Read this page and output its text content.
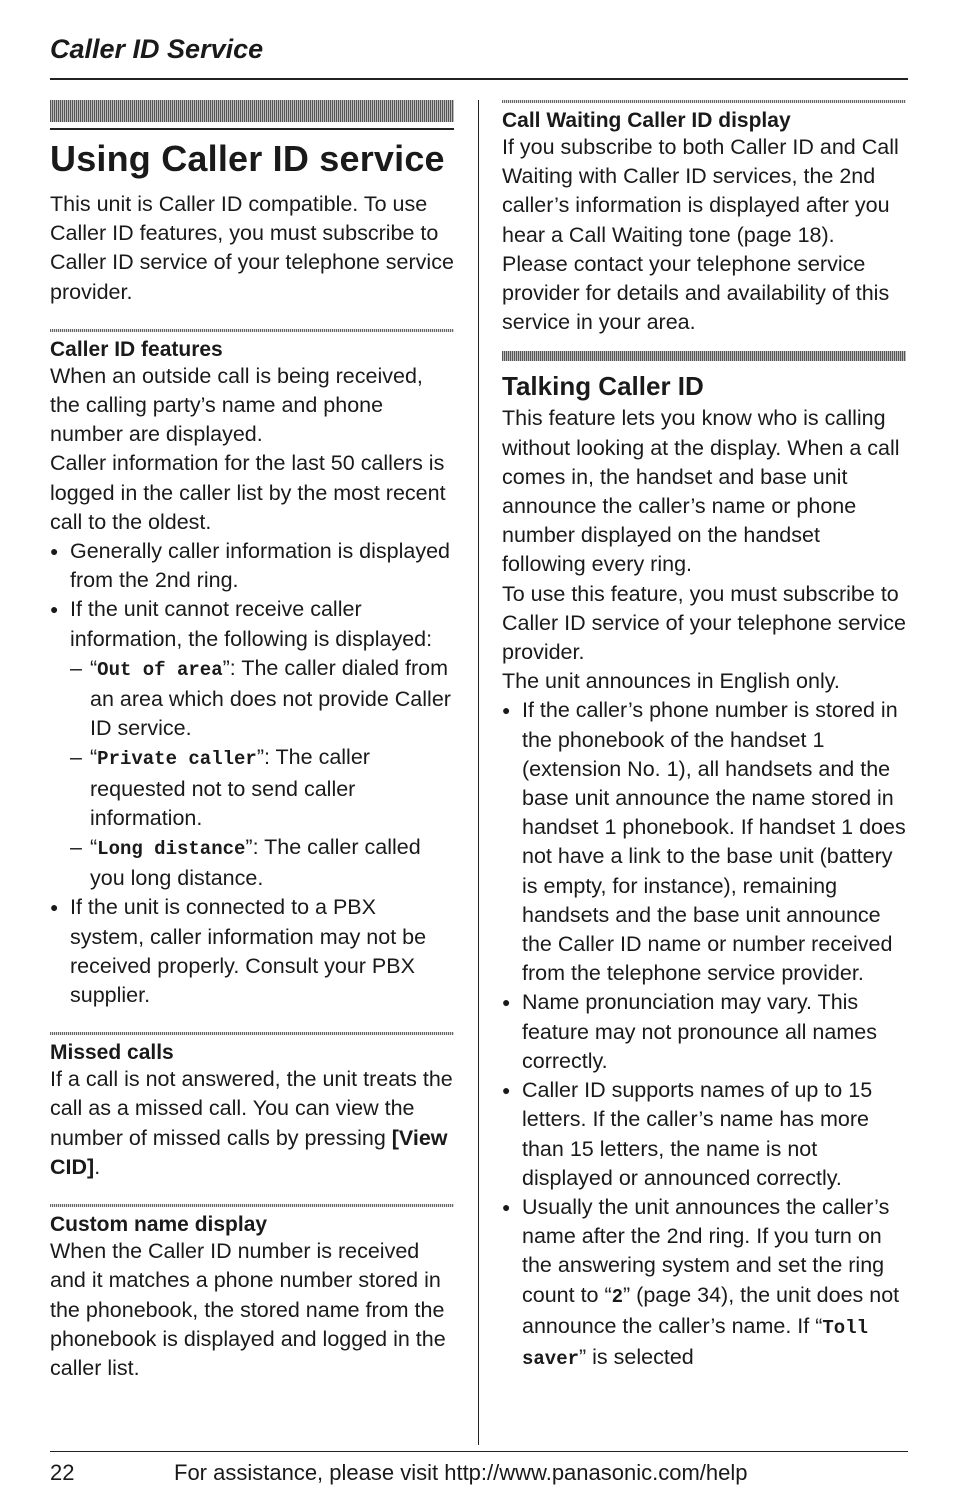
Caller ID Service
Using Caller ID service

This unit is Caller ID compatible. To use Caller ID features, you must subscribe to Caller ID service of your telephone service provider.

Caller ID features

When an outside call is being received, the calling party’s name and phone number are displayed.

Caller information for the last 50 callers is logged in the caller list by the most recent call to the oldest.

● Generally caller information is displayed from the 2nd ring.
● If the unit cannot receive caller information, the following is displayed:
– “Out of area”: The caller dialed from an area which does not provide Caller ID service.
– “Private caller”: The caller requested not to send caller information.
– “Long distance”: The caller called you long distance.
● If the unit is connected to a PBX system, caller information may not be received properly. Consult your PBX supplier.
Missed calls

If a call is not answered, the unit treats the call as a missed call. You can view the number of missed calls by pressing [View CID].

Custom name display

When the Caller ID number is received and it matches a phone number stored in the phonebook, the stored name from the phonebook is displayed and logged in the caller list.

Call Waiting Caller ID display

If you subscribe to both Caller ID and Call Waiting with Caller ID services, the 2nd caller’s information is displayed after you hear a Call Waiting tone (page 18). Please contact your telephone service provider for details and availability of this service in your area.

Talking Caller ID

This feature lets you know who is calling without looking at the display. When a call comes in, the handset and base unit announce the caller’s name or phone number displayed on the handset following every ring.

To use this feature, you must subscribe to Caller ID service of your telephone service provider.

The unit announces in English only.

● If the caller’s phone number is stored in the phonebook of the handset 1 (extension No. 1), all handsets and the base unit announce the name stored in handset 1 phonebook. If handset 1 does not have a link to the base unit (battery is empty, for instance), remaining handsets and the base unit announce the Caller ID name or number received from the telephone service provider.
● Name pronunciation may vary. This feature may not pronounce all names correctly.
● Caller ID supports names of up to 15 letters. If the caller’s name has more than 15 letters, the name is not displayed or announced correctly.
● Usually the unit announces the caller’s name after the 2nd ring. If you turn on the answering system and set the ring count to “2” (page 34), the unit does not announce the caller’s name. If “Toll saver” is selected
22	For assistance, please visit http://www.panasonic.com/help
